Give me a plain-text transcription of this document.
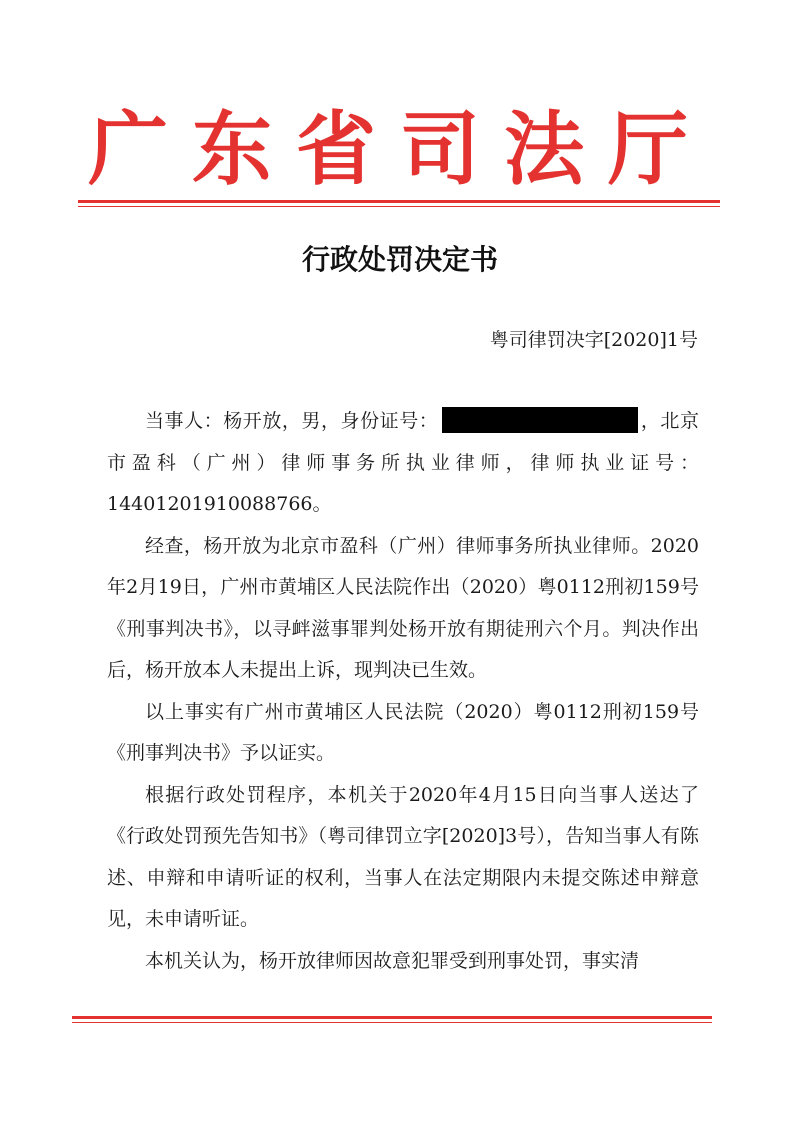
广东省司法厅
行政处罚决定书
粤司律罚决字[2020]1号

当事人：杨开放，男，身份证号：	，北京市盈科（广州）律师事务所执业律师，律师执业证号：14401201910088766。

经查，杨开放为北京市盈科（广州）律师事务所执业律师。2020年2月19日，广州市黄埔区人民法院作出（2020）粤0112刑初159号《刑事判决书》，以寻衅滋事罪判处杨开放有期徒刑六个月。判决作出后，杨开放本人未提出上诉，现判决已生效。

以上事实有广州市黄埔区人民法院（2020）粤0112刑初159号《刑事判决书》予以证实。

根据行政处罚程序，本机关于2020年4月15日向当事人送达了《行政处罚预先告知书》（粤司律罚立字[2020]3号），告知当事人有陈述、申辩和申请听证的权利，当事人在法定期限内未提交陈述申辩意见，未申请听证。

本机关认为，杨开放律师因故意犯罪受到刑事处罚，事实清
